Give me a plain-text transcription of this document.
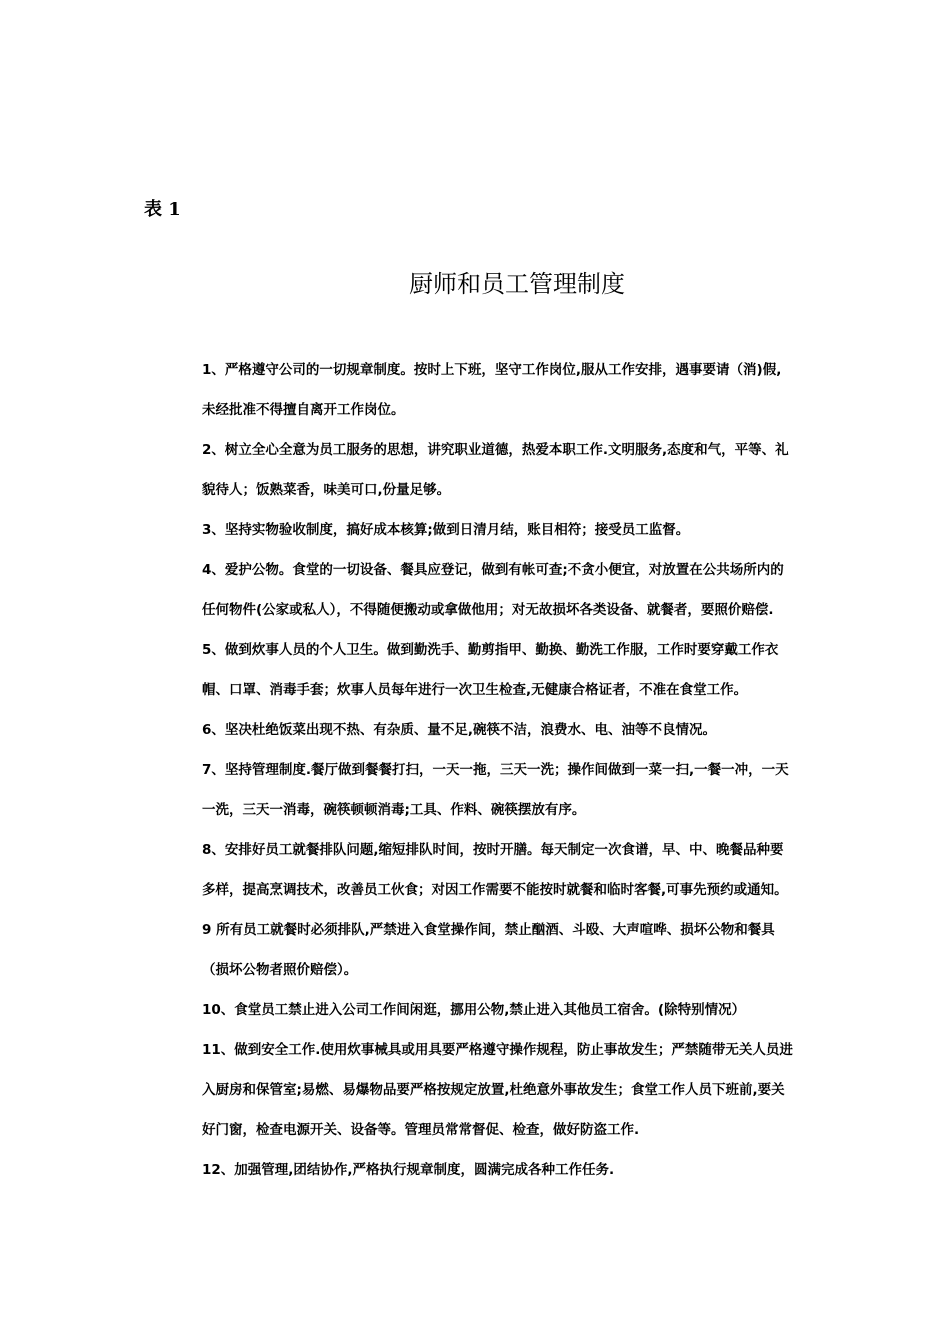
表 1
厨师和员工管理制度
1、严格遵守公司的一切规章制度。按时上下班，坚守工作岗位,服从工作安排，遇事要请（消)假,
未经批准不得擅自离开工作岗位。
2、树立全心全意为员工服务的思想，讲究职业道德，热爱本职工作.文明服务,态度和气，平等、礼
貌待人；饭熟菜香，味美可口,份量足够。
3、坚持实物验收制度，搞好成本核算;做到日清月结，账目相符；接受员工监督。
4、爱护公物。食堂的一切设备、餐具应登记，做到有帐可查;不贪小便宜，对放置在公共场所内的
任何物件(公家或私人），不得随便搬动或拿做他用；对无故损坏各类设备、就餐者，要照价赔偿.
5、做到炊事人员的个人卫生。做到勤洗手、勤剪指甲、勤换、勤洗工作服，工作时要穿戴工作衣
帽、口罩、消毒手套；炊事人员每年进行一次卫生检查,无健康合格证者，不准在食堂工作。
6、坚决杜绝饭菜出现不热、有杂质、量不足,碗筷不洁，浪费水、电、油等不良情况。
7、坚持管理制度.餐厅做到餐餐打扫，一天一拖，三天一洗；操作间做到一菜一扫,一餐一冲，一天
一洗，三天一消毒，碗筷顿顿消毒;工具、作料、碗筷摆放有序。
8、安排好员工就餐排队问题,缩短排队时间，按时开膳。每天制定一次食谱，早、中、晚餐品种要
多样，提高烹调技术，改善员工伙食；对因工作需要不能按时就餐和临时客餐,可事先预约或通知。
9 所有员工就餐时必须排队,严禁进入食堂操作间，禁止酗酒、斗殴、大声喧哗、损坏公物和餐具
（损坏公物者照价赔偿）。
10、食堂员工禁止进入公司工作间闲逛，挪用公物,禁止进入其他员工宿舍。(除特别情况）
11、做到安全工作.使用炊事械具或用具要严格遵守操作规程，防止事故发生；严禁随带无关人员进
入厨房和保管室;易燃、易爆物品要严格按规定放置,杜绝意外事故发生；食堂工作人员下班前,要关
好门窗，检查电源开关、设备等。管理员常常督促、检查，做好防盗工作.
12、加强管理,团结协作,严格执行规章制度，圆满完成各种工作任务.
